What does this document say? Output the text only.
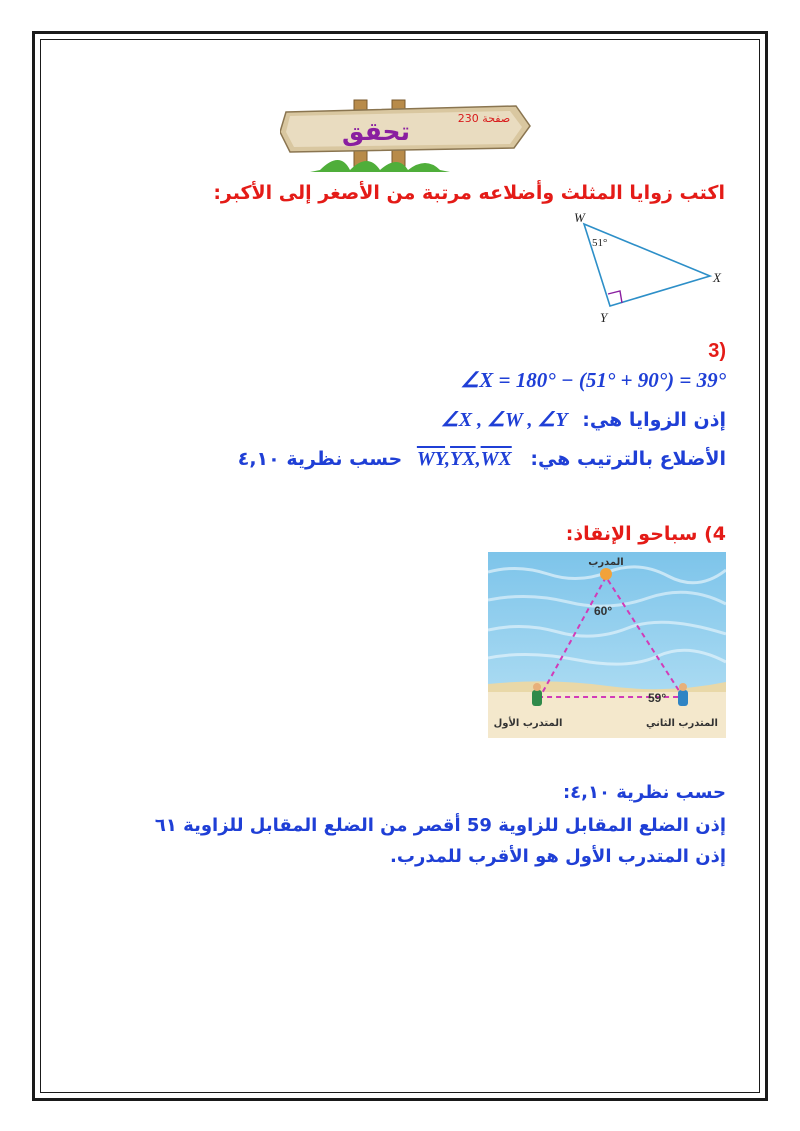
تحقق	صفحة 230
اكتب زوايا المثلث وأضلاعه مرتبة من الأصغر إلى الأكبر:
W
X
Y
51°
(3
∠X = 180° − (51° + 90°) = 39°
إذن الزوايا هي: ∠X , ∠W , ∠Y
الأضلاع بالترتيب هي: $\overline{WY},\overline{YX},\overline{WX}$ حسب نظرية ٤,١٠
4) سباحو الإنقاذ:
المدرب
60°
59°
المتدرب الأول	المتدرب الثاني
حسب نظرية ٤,١٠:
إذن الضلع المقابل للزاوية 59 أقصر من الضلع المقابل للزاوية ٦١
إذن المتدرب الأول هو الأقرب للمدرب.
